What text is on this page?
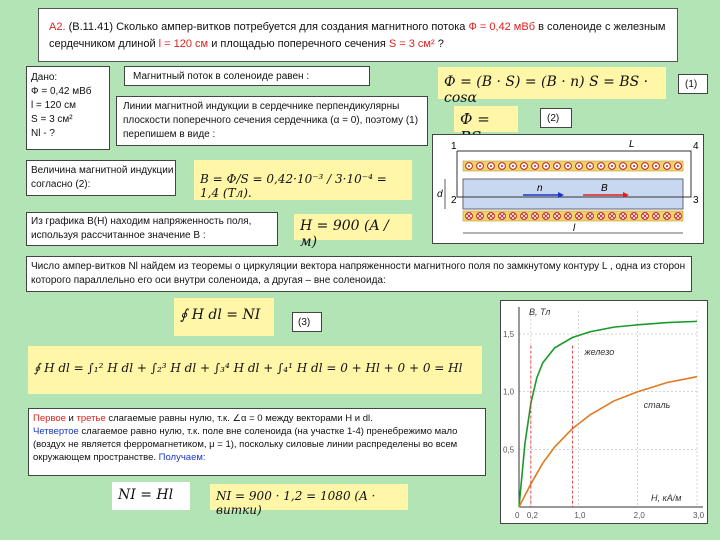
А2. (В.11.41) Сколько ампер-витков потребуется для создания магнитного потока Ф = 0,42 мВб в соленоиде с железным сердечником длиной l = 120 см и площадью поперечного сечения S = 3 см² ?
Дано:
Ф = 0,42 мВб
l = 120 см
S = 3 см²
Nl - ?
Магнитный поток в соленоиде равен :	Ф = (B · S) = (B · n) S = BS · cosα
(1)
Линии магнитной индукции в сердечнике перпендикулярны плоскости поперечного сечения сердечника (α = 0), поэтому (1) перепишем в виде :
Ф =	(2)
Величина магнитной индукции согласно (2):	B = Ф/S = 0,42·10⁻³ / 3·10⁻⁴ = 1,4 (Тл).
Из графика B(H) находим напряженность поля, используя рассчитанное значение B :
H = 900 (A / м)
1
2	3
4
L
n	B
d
l
Число ампер-витков Nl найдем из теоремы о циркуляции вектора напряженности магнитного поля по замкнутому контуру L , одна из сторон которого параллельно его оси внутри соленоида, а другая – вне соленоида:
∮ H dl = NI	(3)
∮ H dl = ∫₁² H dl + ∫₂³ H dl + ∫₃⁴ H dl + ∫₄¹ H dl = 0 + Hl + 0 + 0 = Hl
Первое и третье слагаемые равны нулю, т.к. ∠α = 0 между векторами H и dl.
Четвертое слагаемое равно нулю, т.к. поле вне соленоида (на участке 1-4) пренебрежимо мало (воздух не является ферромагнетиком, μ = 1), поскольку силовые линии распределены во всем окружающем пространстве. Получаем:
NI = Hl	NI = 900 · 1,2 = 1080 (A · витки)	0 0,2	1,0	2,0	3,0
0,5
1,0
1,5
B, Тл
H, кА/м
железо
сталь
